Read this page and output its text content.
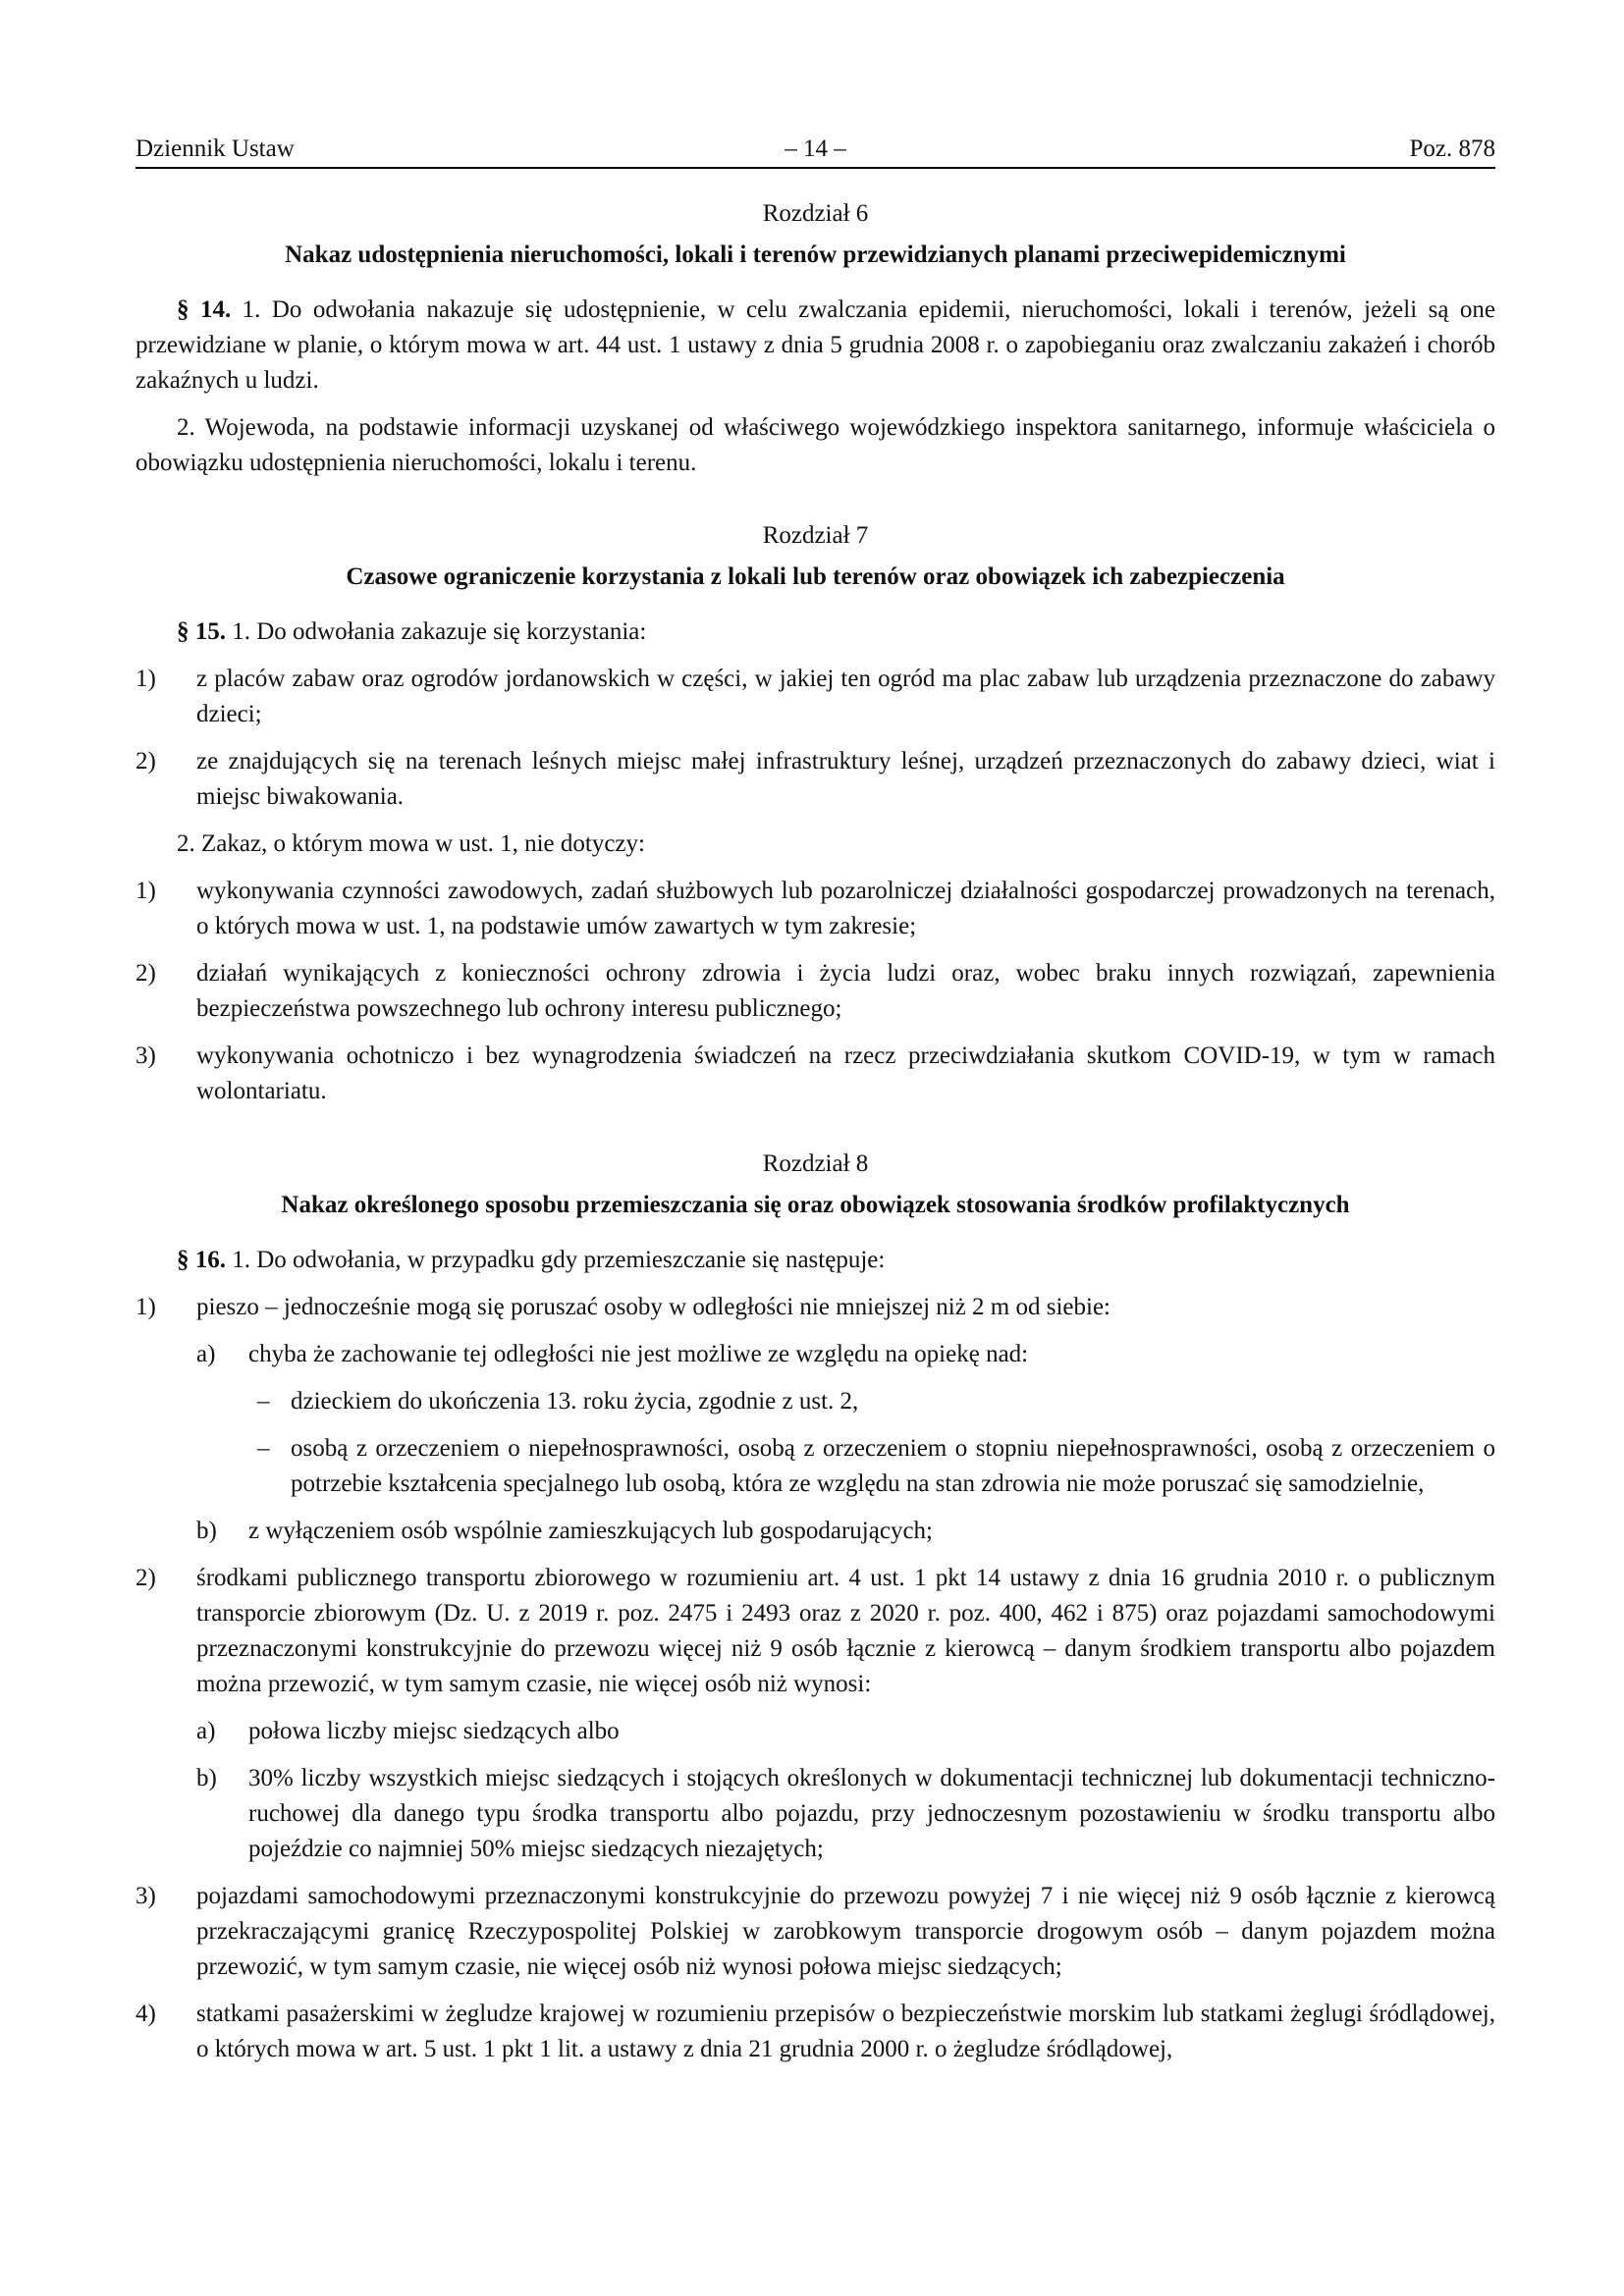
Dziennik Ustaw	– 14 –	Poz. 878

Rozdział 6

Nakaz udostępnienia nieruchomości, lokali i terenów przewidzianych planami przeciwepidemicznymi

§ 14. 1. Do odwołania nakazuje się udostępnienie, w celu zwalczania epidemii, nieruchomości, lokali i terenów, jeżeli są one przewidziane w planie, o którym mowa w art. 44 ust. 1 ustawy z dnia 5 grudnia 2008 r. o zapobieganiu oraz zwalczaniu zakażeń i chorób zakaźnych u ludzi.

2. Wojewoda, na podstawie informacji uzyskanej od właściwego wojewódzkiego inspektora sanitarnego, informuje właściciela o obowiązku udostępnienia nieruchomości, lokalu i terenu.

Rozdział 7

Czasowe ograniczenie korzystania z lokali lub terenów oraz obowiązek ich zabezpieczenia

§ 15. 1. Do odwołania zakazuje się korzystania:

1) z placów zabaw oraz ogrodów jordanowskich w części, w jakiej ten ogród ma plac zabaw lub urządzenia przeznaczone do zabawy dzieci;
2) ze znajdujących się na terenach leśnych miejsc małej infrastruktury leśnej, urządzeń przeznaczonych do zabawy dzieci, wiat i miejsc biwakowania.

2. Zakaz, o którym mowa w ust. 1, nie dotyczy:

1) wykonywania czynności zawodowych, zadań służbowych lub pozarolniczej działalności gospodarczej prowadzonych na terenach, o których mowa w ust. 1, na podstawie umów zawartych w tym zakresie;
2) działań wynikających z konieczności ochrony zdrowia i życia ludzi oraz, wobec braku innych rozwiązań, zapewnienia bezpieczeństwa powszechnego lub ochrony interesu publicznego;
3) wykonywania ochotniczo i bez wynagrodzenia świadczeń na rzecz przeciwdziałania skutkom COVID-19, w tym w ramach wolontariatu.

Rozdział 8

Nakaz określonego sposobu przemieszczania się oraz obowiązek stosowania środków profilaktycznych

§ 16. 1. Do odwołania, w przypadku gdy przemieszczanie się następuje:

1) pieszo – jednocześnie mogą się poruszać osoby w odległości nie mniejszej niż 2 m od siebie:
a) chyba że zachowanie tej odległości nie jest możliwe ze względu na opiekę nad:
– dzieckiem do ukończenia 13. roku życia, zgodnie z ust. 2,
– osobą z orzeczeniem o niepełnosprawności, osobą z orzeczeniem o stopniu niepełnosprawności, osobą z orzeczeniem o potrzebie kształcenia specjalnego lub osobą, która ze względu na stan zdrowia nie może poruszać się samodzielnie,
b) z wyłączeniem osób wspólnie zamieszkujących lub gospodarujących;
2) środkami publicznego transportu zbiorowego w rozumieniu art. 4 ust. 1 pkt 14 ustawy z dnia 16 grudnia 2010 r. o publicznym transporcie zbiorowym (Dz. U. z 2019 r. poz. 2475 i 2493 oraz z 2020 r. poz. 400, 462 i 875) oraz pojazdami samochodowymi przeznaczonymi konstrukcyjnie do przewozu więcej niż 9 osób łącznie z kierowcą – danym środkiem transportu albo pojazdem można przewozić, w tym samym czasie, nie więcej osób niż wynosi:
a) połowa liczby miejsc siedzących albo
b) 30% liczby wszystkich miejsc siedzących i stojących określonych w dokumentacji technicznej lub dokumentacji techniczno-ruchowej dla danego typu środka transportu albo pojazdu, przy jednoczesnym pozostawieniu w środku transportu albo pojeździe co najmniej 50% miejsc siedzących niezajętych;
3) pojazdami samochodowymi przeznaczonymi konstrukcyjnie do przewozu powyżej 7 i nie więcej niż 9 osób łącznie z kierowcą przekraczającymi granicę Rzeczypospolitej Polskiej w zarobkowym transporcie drogowym osób – danym pojazdem można przewozić, w tym samym czasie, nie więcej osób niż wynosi połowa miejsc siedzących;
4) statkami pasażerskimi w żegludze krajowej w rozumieniu przepisów o bezpieczeństwie morskim lub statkami żeglugi śródlądowej, o których mowa w art. 5 ust. 1 pkt 1 lit. a ustawy z dnia 21 grudnia 2000 r. o żegludze śródlądowej,
